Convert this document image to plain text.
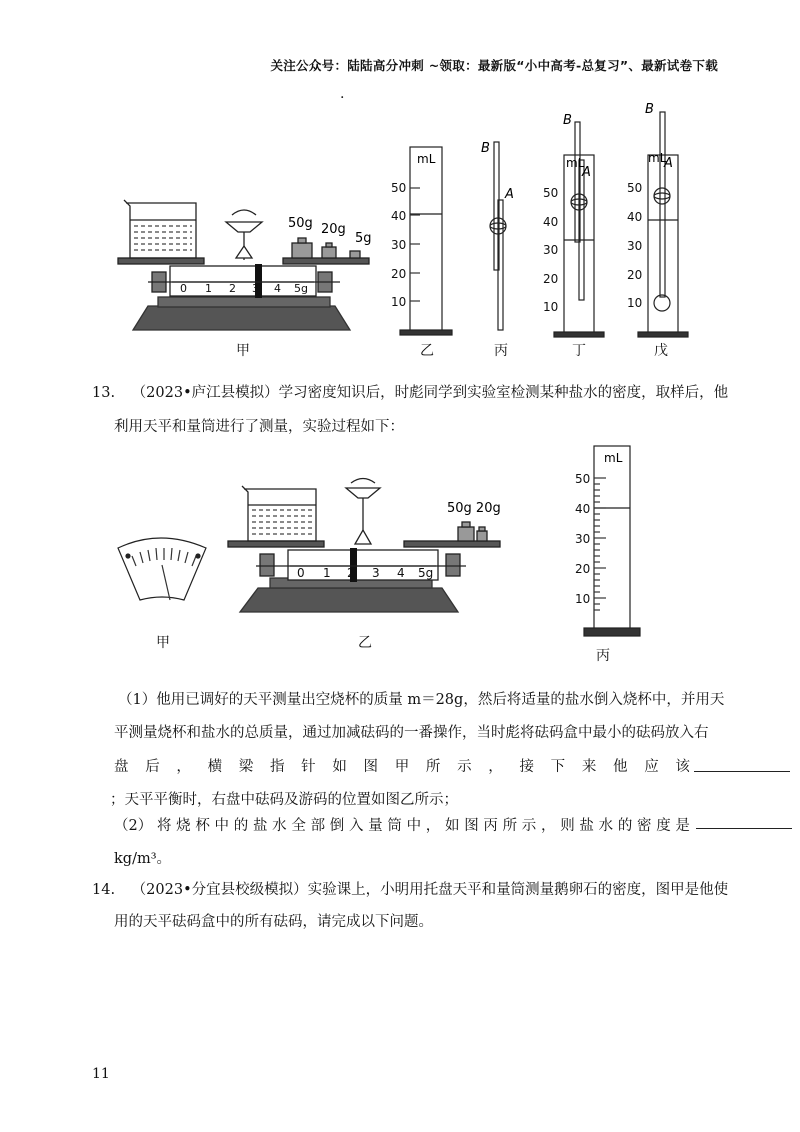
关注公众号：陆陆高分冲刺 ~领取：最新版“小中高考-总复习”、最新试卷下载
.
50g 20g
5g
0 1 2 3 4 5g
mL
50
40
30
20
10
B
A
B
A
mL
50
40
30
20
10
B
A
mL
50
40
30
20
10
甲	乙	丙	丁	戊
13. （2023•庐江县模拟）学习密度知识后，时彪同学到实验室检测某种盐水的密度，取样后，他
利用天平和量筒进行了测量，实验过程如下：
50g 20g
0 1 2 3 4 5g
mL
50
40
30
20
10
甲	乙
丙
（1）他用已调好的天平测量出空烧杯的质量 m＝28g，然后将适量的盐水倒入烧杯中，并用天
平测量烧杯和盐水的总质量，通过加减砝码的一番操作，当时彪将砝码盒中最小的砝码放入右
盘 后 ， 横 梁 指 针 如 图 甲 所 示 ， 接 下 来 他 应 该
；天平平衡时，右盘中砝码及游码的位置如图乙所示；
（2） 将 烧 杯 中 的 盐 水 全 部 倒 入 量 筒 中 ， 如 图 丙 所 示 ， 则 盐 水 的 密 度 是
kg/m³。
14. （2023•分宜县校级模拟）实验课上，小明用托盘天平和量筒测量鹅卵石的密度，图甲是他使
用的天平砝码盒中的所有砝码，请完成以下问题。
11
